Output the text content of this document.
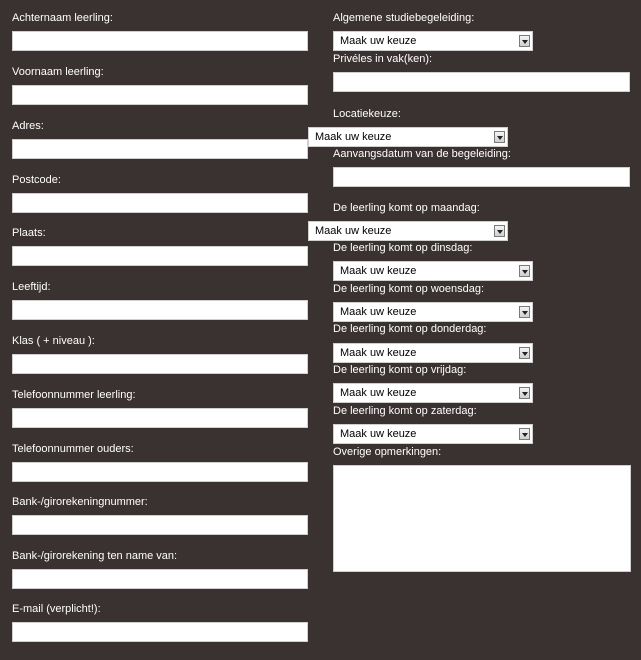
Achternaam leerling:
Voornaam leerling:
Adres:
Postcode:
Plaats:
Leeftijd:
Klas ( + niveau ):
Telefoonnummer leerling:
Telefoonnummer ouders:
Bank-/girorekeningnummer:
Bank-/girorekening ten name van:
E-mail (verplicht!):
Algemene studiebegeleiding:
Maak uw keuze
Privéles in vak(ken):
Locatiekeuze:
Maak uw keuze
Aanvangsdatum van de begeleiding:
De leerling komt op maandag:
Maak uw keuze
De leerling komt op dinsdag:
Maak uw keuze
De leerling komt op woensdag:
Maak uw keuze
De leerling komt op donderdag:
Maak uw keuze
De leerling komt op vrijdag:
Maak uw keuze
De leerling komt op zaterdag:
Maak uw keuze
Overige opmerkingen:
